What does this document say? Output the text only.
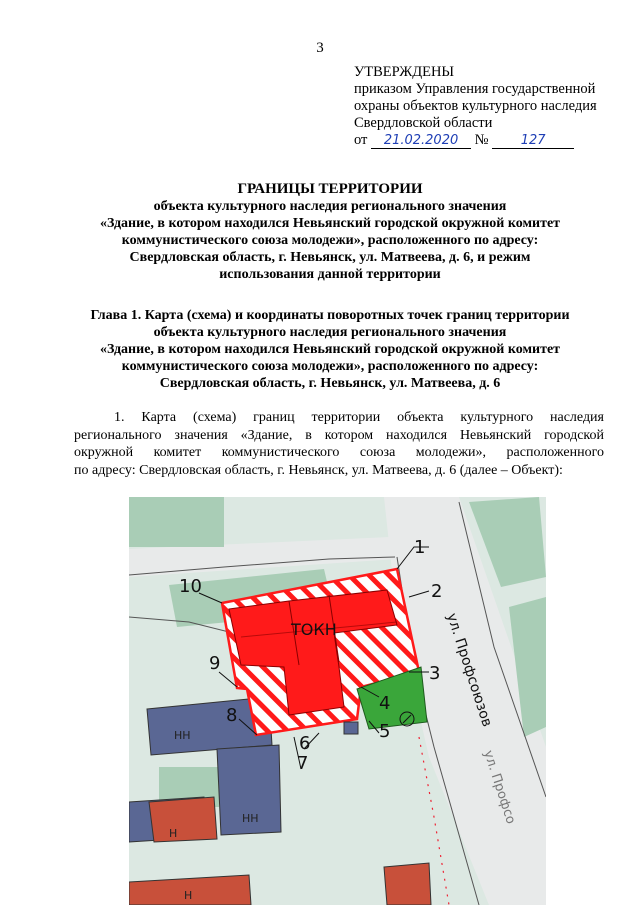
3
УТВЕРЖДЕНЫ
приказом Управления государственной
охраны объектов культурного наследия
Свердловской области
от 21.02.2020 № 127
ГРАНИЦЫ ТЕРРИТОРИИ
объекта культурного наследия регионального значения
«Здание, в котором находился Невьянский городской окружной комитет
коммунистического союза молодежи», расположенного по адресу:
Свердловская область, г. Невьянск, ул. Матвеева, д. 6, и режим
использования данной территории
Глава 1. Карта (схема) и координаты поворотных точек границ территории
объекта культурного наследия регионального значения
«Здание, в котором находился Невьянский городской окружной комитет
коммунистического союза молодежи», расположенного по адресу:
Свердловская область, г. Невьянск, ул. Матвеева, д. 6
1. Карта (схема) границ территории объекта культурного наследия
регионального значения «Здание, в котором находился Невьянский городской
окружной комитет коммунистического союза молодежи», расположенного
по адресу: Свердловская область, г. Невьянск, ул. Матвеева, д. 6 (далее – Объект):
ТОКН	ул. Профсоюзов
ул. Профсо
НН
НН
Н
Н
1
2
3
4
5
6
7
8
9
10
